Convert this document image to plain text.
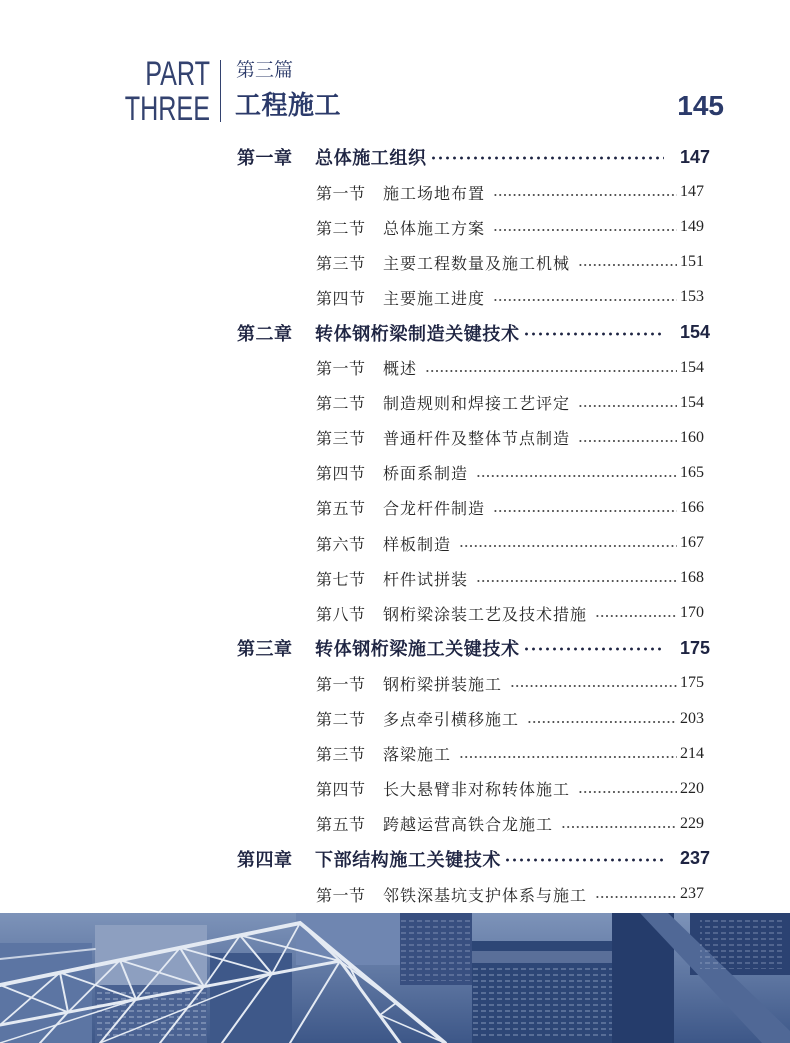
PART
THREE
第三篇
工程施工	145
第一章	总体施工组织	147
第一节	施工场地布置	147
第二节	总体施工方案	149
第三节	主要工程数量及施工机械	151
第四节	主要施工进度	153
第二章	转体钢桁梁制造关键技术	154
第一节	概述	154
第二节	制造规则和焊接工艺评定	154
第三节	普通杆件及整体节点制造	160
第四节	桥面系制造	165
第五节	合龙杆件制造	166
第六节	样板制造	167
第七节	杆件试拼装	168
第八节	钢桁梁涂装工艺及技术措施	170
第三章	转体钢桁梁施工关键技术	175
第一节	钢桁梁拼装施工	175
第二节	多点牵引横移施工	203
第三节	落梁施工	214
第四节	长大悬臂非对称转体施工	220
第五节	跨越运营高铁合龙施工	229
第四章	下部结构施工关键技术	237
第一节	邻铁深基坑支护体系与施工	237
